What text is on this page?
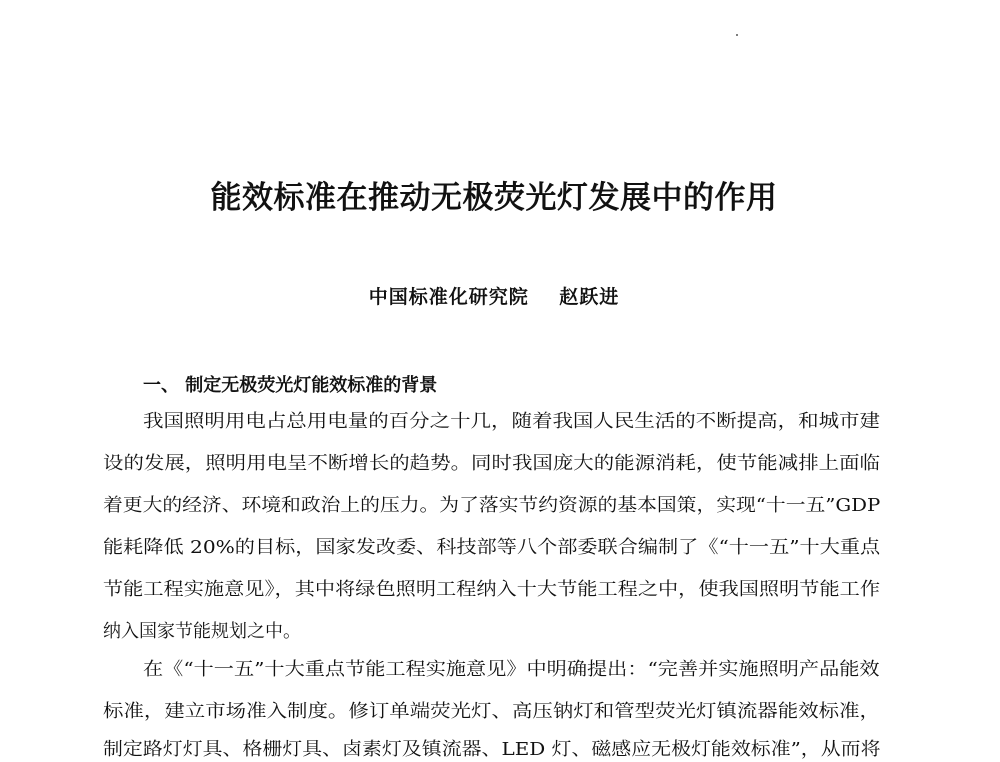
能效标准在推动无极荧光灯发展中的作用
中国标准化研究院    赵跃进
一、 制定无极荧光灯能效标准的背景
我国照明用电占总用电量的百分之十几，随着我国人民生活的不断提高，和城市建
设的发展，照明用电呈不断增长的趋势。同时我国庞大的能源消耗，使节能减排上面临
着更大的经济、环境和政治上的压力。为了落实节约资源的基本国策，实现“十一五”GDP
能耗降低 20%的目标，国家发改委、科技部等八个部委联合编制了《“十一五”十大重点
节能工程实施意见》，其中将绿色照明工程纳入十大节能工程之中，使我国照明节能工作
纳入国家节能规划之中。
在《“十一五”十大重点节能工程实施意见》中明确提出：“完善并实施照明产品能效
标准，建立市场准入制度。修订单端荧光灯、高压钠灯和管型荧光灯镇流器能效标准，
制定路灯灯具、格栅灯具、卤素灯及镇流器、LED 灯、磁感应无极灯能效标准”，从而将
